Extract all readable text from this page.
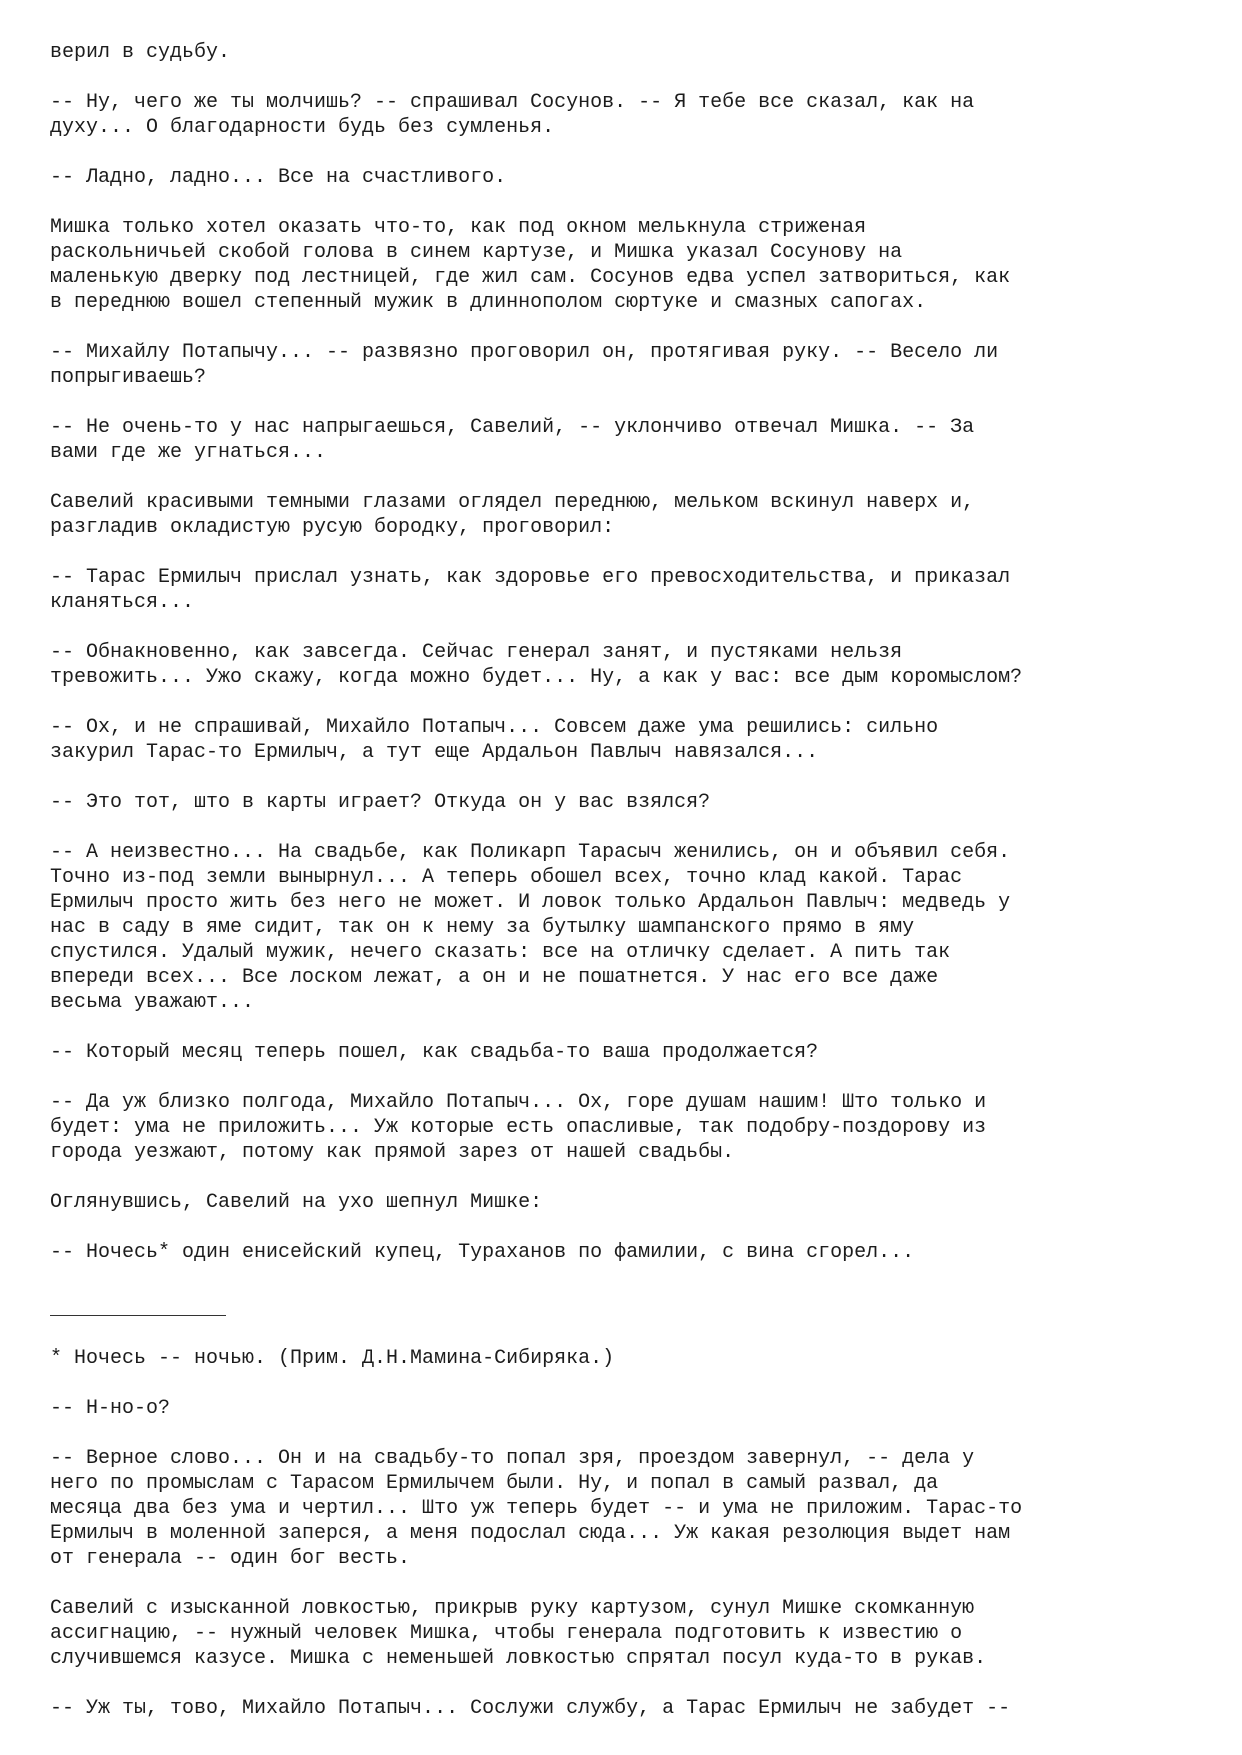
верил в судьбу.

-- Ну, чего же ты молчишь? -- спрашивал Сосунов. -- Я тебе все сказал, как на
духу... О благодарности будь без сумленья.

-- Ладно, ладно... Все на счастливого.

Мишка только хотел оказать что-то, как под окном мелькнула стриженая
раскольничьей скобой голова в синем картузе, и Мишка указал Сосунову на
маленькую дверку под лестницей, где жил сам. Сосунов едва успел затвориться, как
в переднюю вошел степенный мужик в длиннополом сюртуке и смазных сапогах.

-- Михайлу Потапычу... -- развязно проговорил он, протягивая руку. -- Весело ли
попрыгиваешь?

-- Не очень-то у нас напрыгаешься, Савелий, -- уклончиво отвечал Мишка. -- За
вами где же угнаться...

Савелий красивыми темными глазами оглядел переднюю, мельком вскинул наверх и,
разгладив окладистую русую бородку, проговорил:

-- Тарас Ермилыч прислал узнать, как здоровье его превосходительства, и приказал
кланяться...

-- Обнакновенно, как завсегда. Сейчас генерал занят, и пустяками нельзя
тревожить... Ужо скажу, когда можно будет... Ну, а как у вас: все дым коромыслом?

-- Ох, и не спрашивай, Михайло Потапыч... Совсем даже ума решились: сильно
закурил Тарас-то Ермилыч, а тут еще Ардальон Павлыч навязался...

-- Это тот, што в карты играет? Откуда он у вас взялся?

-- А неизвестно... На свадьбе, как Поликарп Тарасыч женились, он и объявил себя.
Точно из-под земли вынырнул... А теперь обошел всех, точно клад какой. Тарас
Ермилыч просто жить без него не может. И ловок только Ардальон Павлыч: медведь у
нас в саду в яме сидит, так он к нему за бутылку шампанского прямо в яму
спустился. Удалый мужик, нечего сказать: все на отличку сделает. А пить так
впереди всех... Все лоском лежат, а он и не пошатнется. У нас его все даже
весьма уважают...

-- Который месяц теперь пошел, как свадьба-то ваша продолжается?

-- Да уж близко полгода, Михайло Потапыч... Ох, горе душам нашим! Што только и
будет: ума не приложить... Уж которые есть опасливые, так подобру-поздорову из
города уезжают, потому как прямой зарез от нашей свадьбы.

Оглянувшись, Савелий на ухо шепнул Мишке:

-- Ночесь* один енисейский купец, Тураханов по фамилии, с вина сгорел...

* Ночесь -- ночью. (Прим. Д.Н.Мамина-Сибиряка.)

-- Н-но-о?

-- Верное слово... Он и на свадьбу-то попал зря, проездом завернул, -- дела у
него по промыслам с Тарасом Ермилычем были. Ну, и попал в самый развал, да
месяца два без ума и чертил... Што уж теперь будет -- и ума не приложим. Тарас-то
Ермилыч в моленной заперся, а меня подослал сюда... Уж какая резолюция выдет нам
от генерала -- один бог весть.

Савелий с изысканной ловкостью, прикрыв руку картузом, сунул Мишке скомканную
ассигнацию, -- нужный человек Мишка, чтобы генерала подготовить к известию о
случившемся казусе. Мишка с неменьшей ловкостью спрятал посул куда-то в рукав.

-- Уж ты, тово, Михайло Потапыч... Сослужи службу, а Тарас Ермилыч не забудет --
